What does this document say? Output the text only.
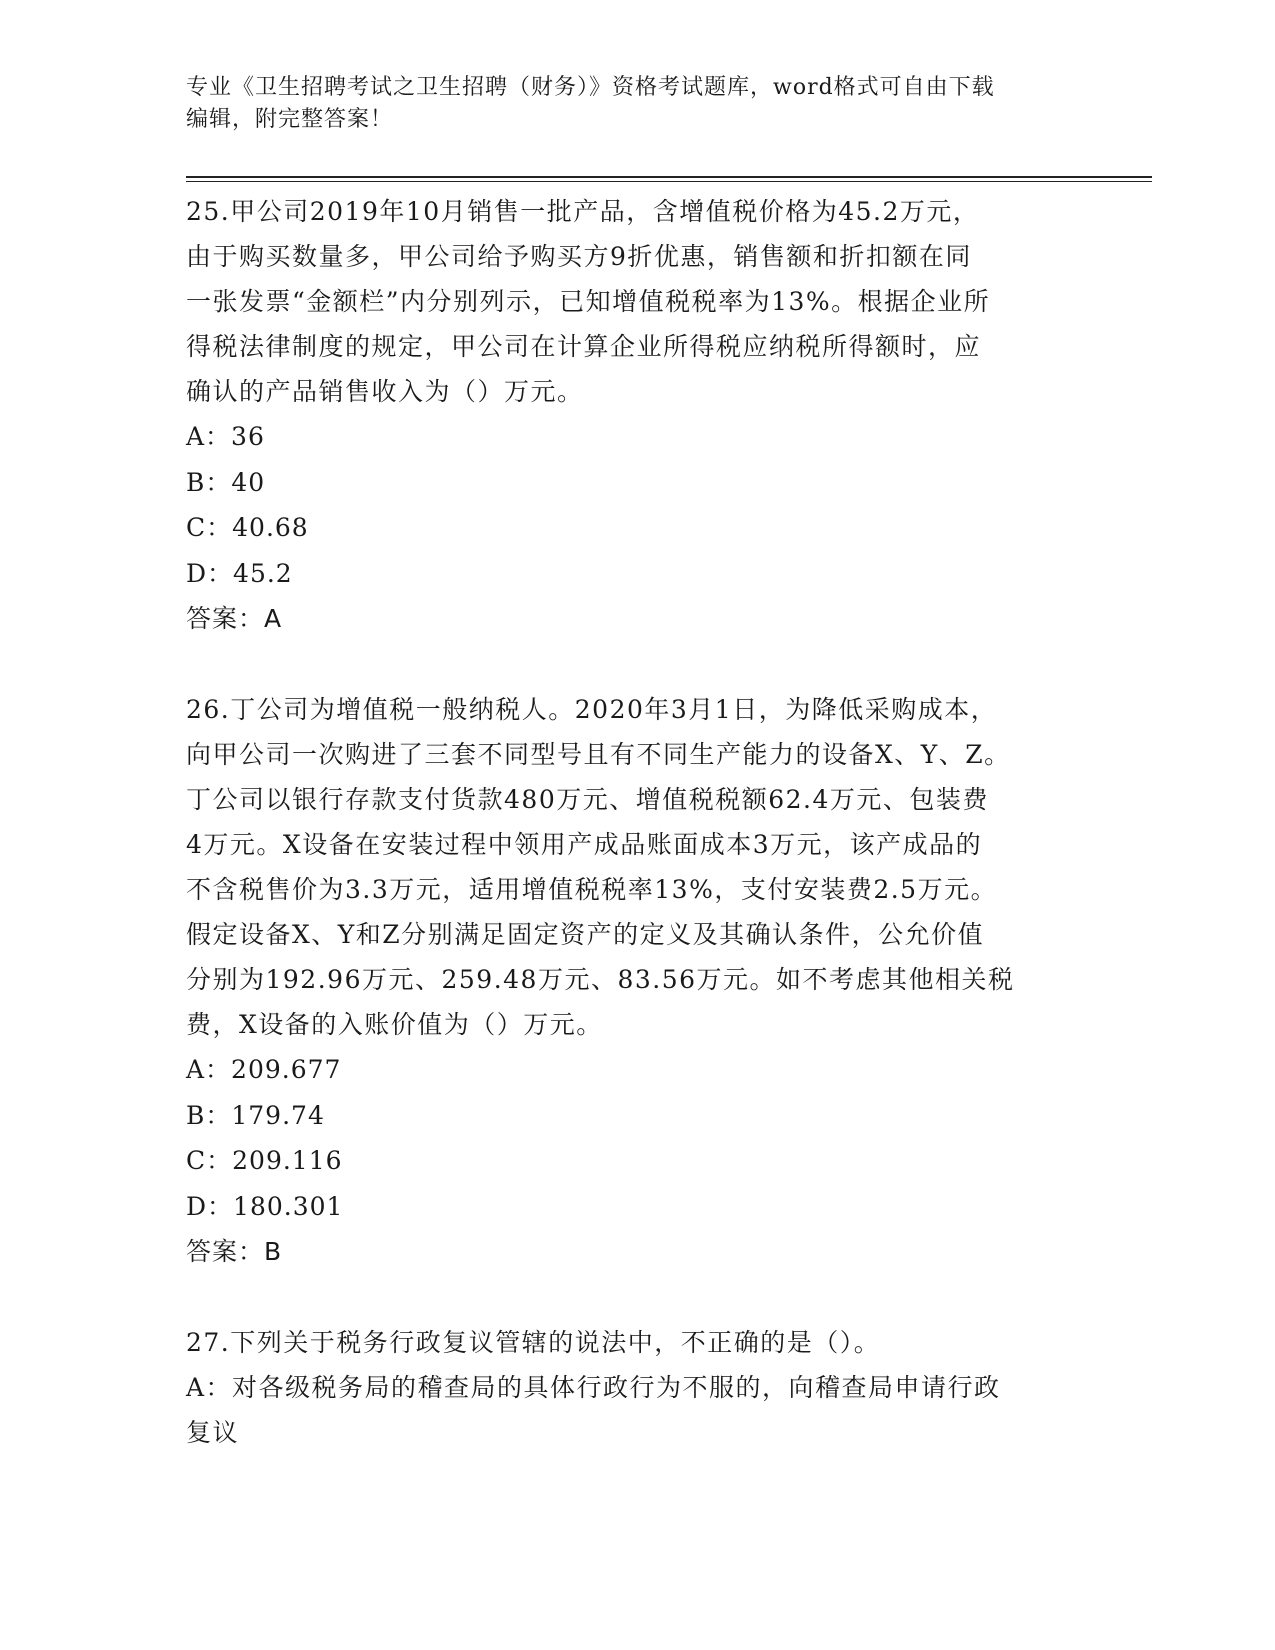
专业《卫生招聘考试之卫生招聘（财务）》资格考试题库，word格式可自由下载
编辑，附完整答案！

25.甲公司2019年10月销售一批产品，含增值税价格为45.2万元，
由于购买数量多，甲公司给予购买方9折优惠，销售额和折扣额在同
一张发票“金额栏”内分别列示，已知增值税税率为13%。根据企业所
得税法律制度的规定，甲公司在计算企业所得税应纳税所得额时，应
确认的产品销售收入为（）万元。

A：36

B：40

C：40.68

D：45.2

答案：A

26.丁公司为增值税一般纳税人。2020年3月1日，为降低采购成本，
向甲公司一次购进了三套不同型号且有不同生产能力的设备X、Y、Z。
丁公司以银行存款支付货款480万元、增值税税额62.4万元、包装费
4万元。X设备在安装过程中领用产成品账面成本3万元，该产成品的
不含税售价为3.3万元，适用增值税税率13%，支付安装费2.5万元。
假定设备X、Y和Z分别满足固定资产的定义及其确认条件，公允价值
分别为192.96万元、259.48万元、83.56万元。如不考虑其他相关税
费，X设备的入账价值为（）万元。

A：209.677

B：179.74

C：209.116

D：180.301

答案：B

27.下列关于税务行政复议管辖的说法中，不正确的是（）。

A：对各级税务局的稽查局的具体行政行为不服的，向稽查局申请行政
复议
